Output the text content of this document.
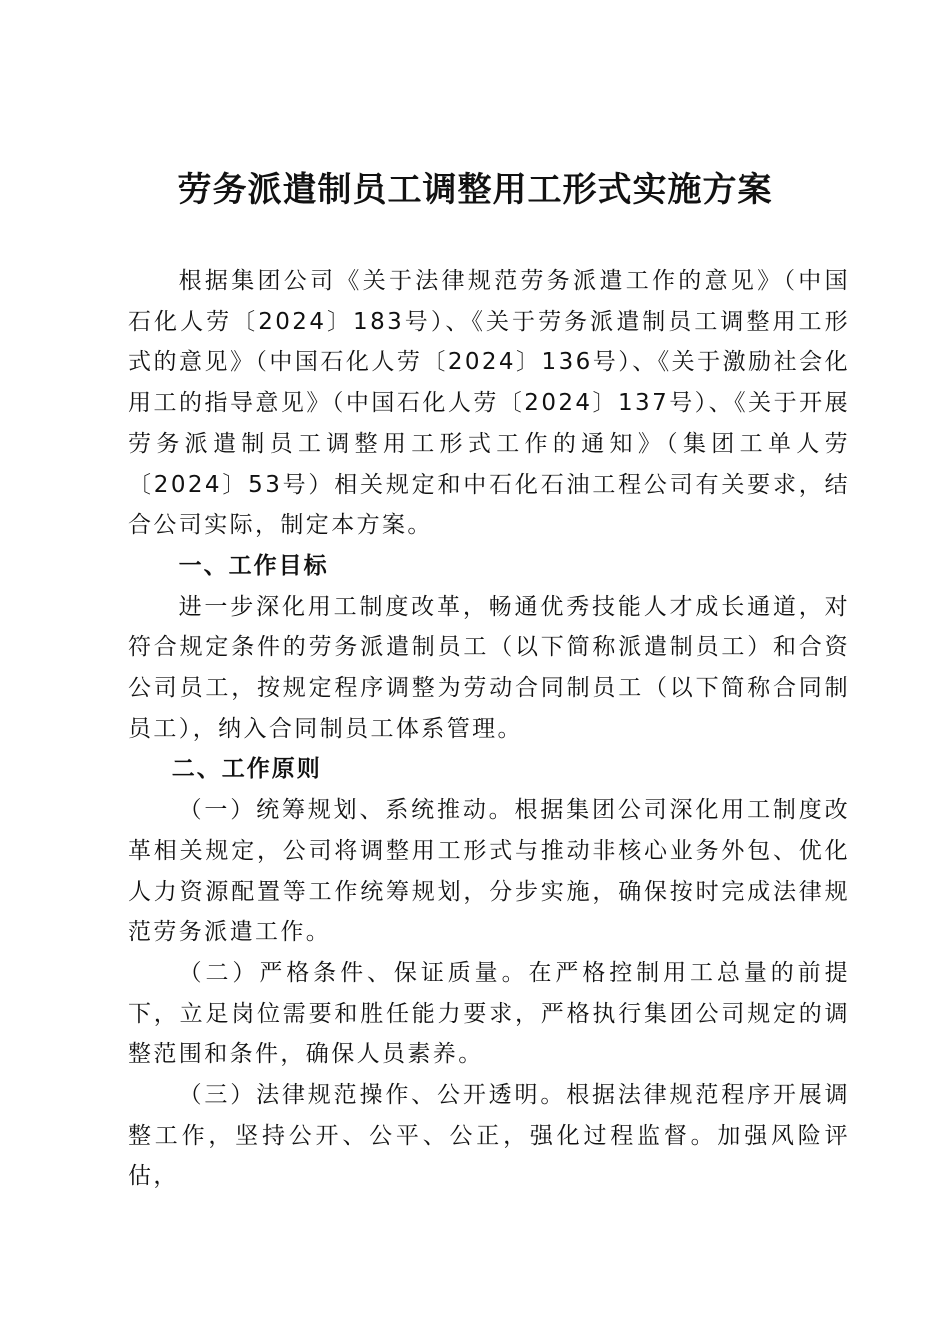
劳务派遣制员工调整用工形式实施方案

根据集团公司《关于法律规范劳务派遣工作的意见》（中国石化人劳〔2024〕183号）、《关于劳务派遣制员工调整用工形式的意见》（中国石化人劳〔2024〕136号）、《关于激励社会化用工的指导意见》（中国石化人劳〔2024〕137号）、《关于开展劳务派遣制员工调整用工形式工作的通知》（集团工单人劳〔2024〕53号）相关规定和中石化石油工程公司有关要求，结合公司实际，制定本方案。

一、工作目标

进一步深化用工制度改革，畅通优秀技能人才成长通道，对符合规定条件的劳务派遣制员工（以下简称派遣制员工）和合资公司员工，按规定程序调整为劳动合同制员工（以下简称合同制员工），纳入合同制员工体系管理。

二、工作原则

（一）统筹规划、系统推动。根据集团公司深化用工制度改革相关规定，公司将调整用工形式与推动非核心业务外包、优化人力资源配置等工作统筹规划，分步实施，确保按时完成法律规范劳务派遣工作。

（二）严格条件、保证质量。在严格控制用工总量的前提下，立足岗位需要和胜任能力要求，严格执行集团公司规定的调整范围和条件，确保人员素养。

（三）法律规范操作、公开透明。根据法律规范程序开展调整工作，坚持公开、公平、公正，强化过程监督。加强风险评估，
